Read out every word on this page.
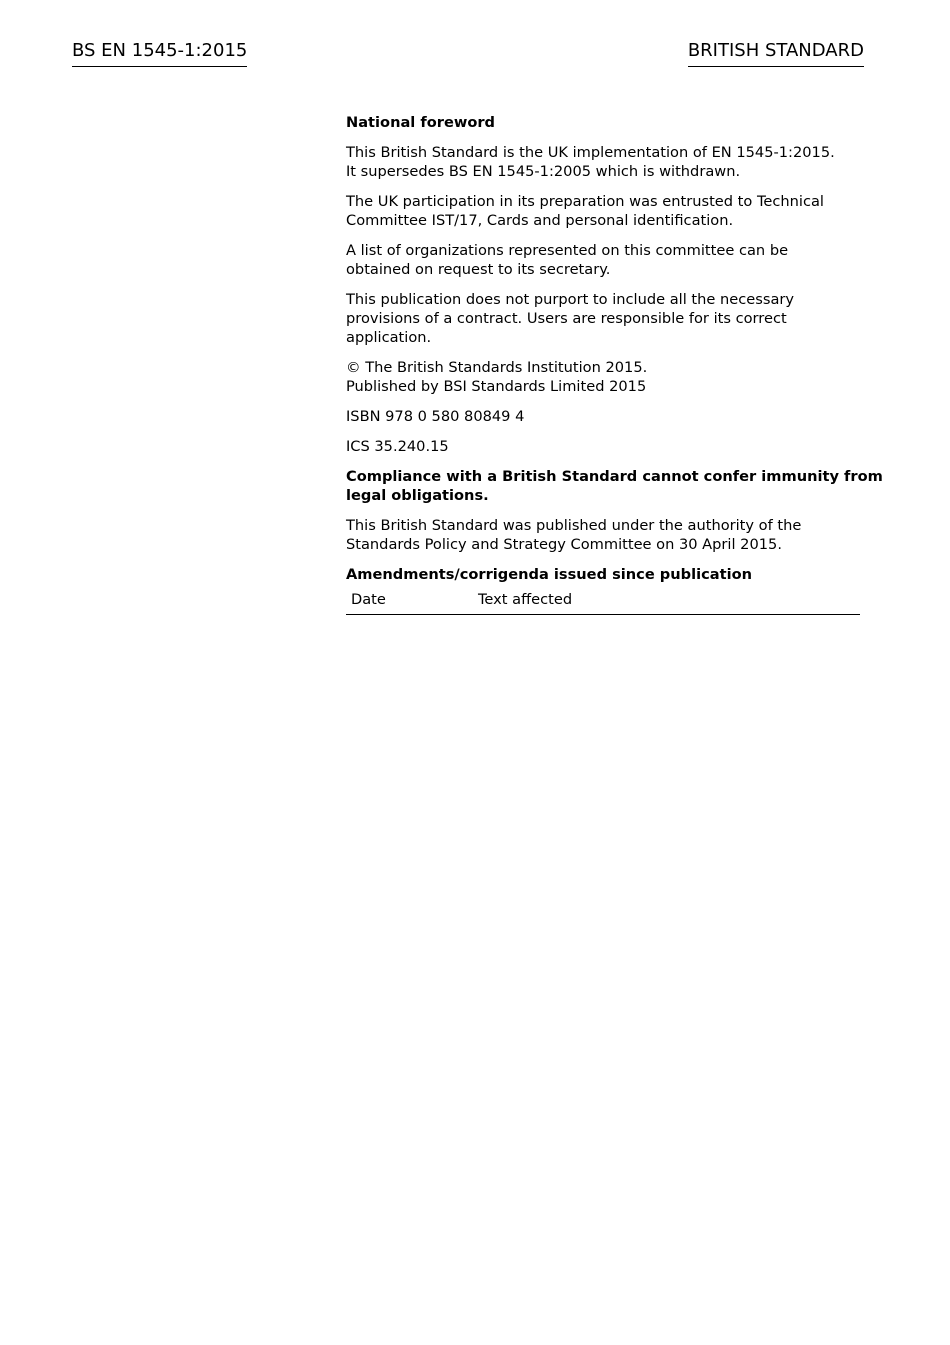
BS EN 1545-1:2015	BRITISH STANDARD

National foreword

This British Standard is the UK implementation of EN 1545-1:2015.
It supersedes BS EN 1545-1:2005 which is withdrawn.

The UK participation in its preparation was entrusted to Technical
Committee IST/17, Cards and personal identification.

A list of organizations represented on this committee can be
obtained on request to its secretary.

This publication does not purport to include all the necessary
provisions of a contract. Users are responsible for its correct
application.

© The British Standards Institution 2015.
Published by BSI Standards Limited 2015

ISBN 978 0 580 80849 4

ICS 35.240.15

Compliance with a British Standard cannot confer immunity from
legal obligations.

This British Standard was published under the authority of the
Standards Policy and Strategy Committee on 30 April 2015.

Amendments/corrigenda issued since publication
Date	Text affected
